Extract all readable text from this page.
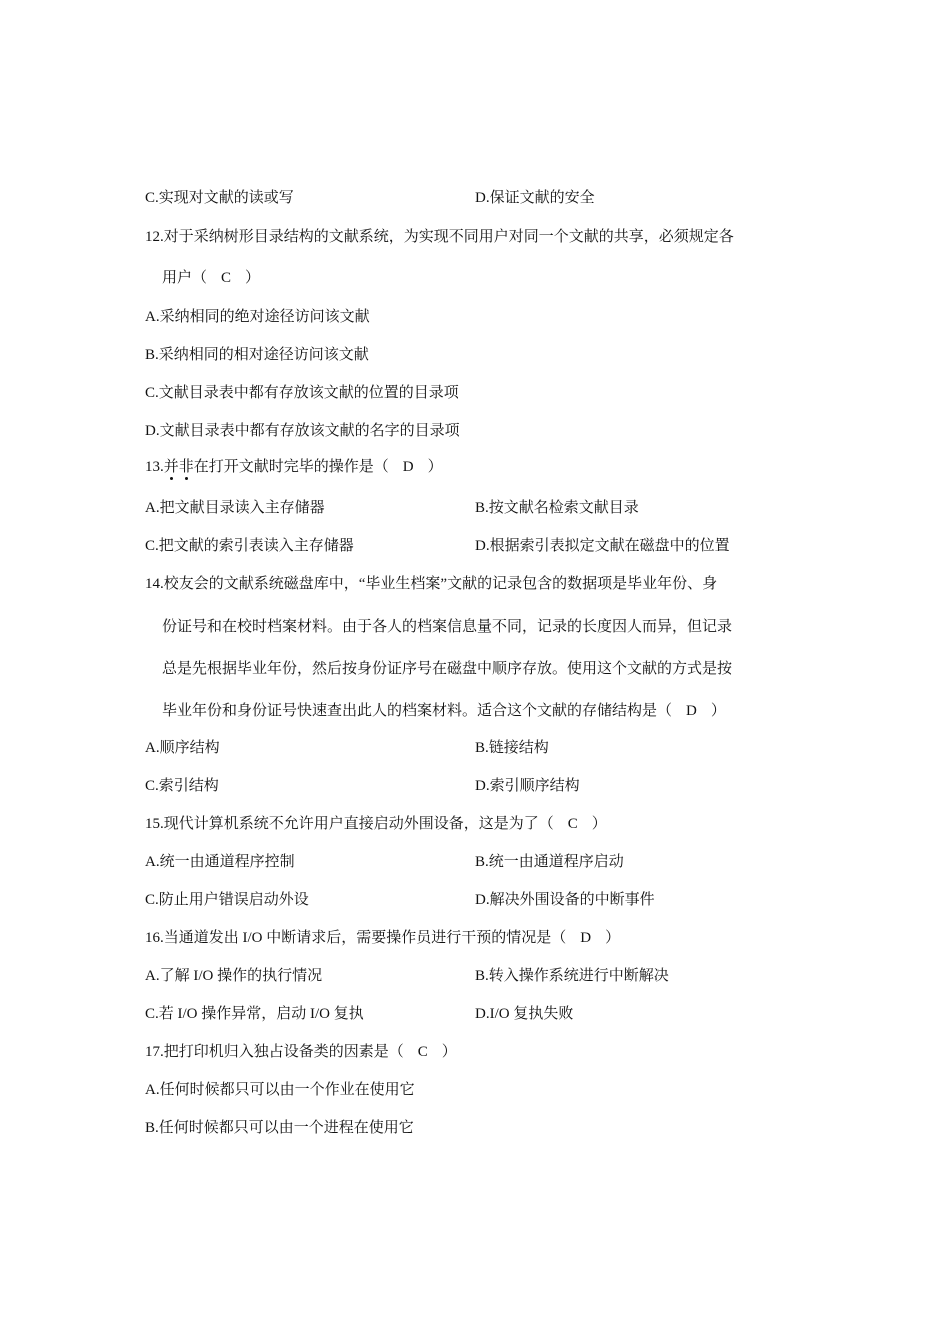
C.实现对文献的读或写	D.保证文献的安全
12.对于采纳树形目录结构的文献系统，为实现不同用户对同一个文献的共享，必须规定各
用户（ C ）
A.采纳相同的绝对途径访问该文献
B.采纳相同的相对途径访问该文献
C.文献目录表中都有存放该文献的位置的目录项
D.文献目录表中都有存放该文献的名字的目录项
13.并非在打开文献时完毕的操作是（ D ）
A.把文献目录读入主存储器	B.按文献名检索文献目录
C.把文献的索引表读入主存储器	D.根据索引表拟定文献在磁盘中的位置
14.校友会的文献系统磁盘库中，“毕业生档案”文献的记录包含的数据项是毕业年份、身
份证号和在校时档案材料。由于各人的档案信息量不同，记录的长度因人而异，但记录
总是先根据毕业年份，然后按身份证序号在磁盘中顺序存放。使用这个文献的方式是按
毕业年份和身份证号快速查出此人的档案材料。适合这个文献的存储结构是（ D ）
A.顺序结构	B.链接结构
C.索引结构	D.索引顺序结构
15.现代计算机系统不允许用户直接启动外围设备，这是为了（ C ）
A.统一由通道程序控制	B.统一由通道程序启动
C.防止用户错误启动外设	D.解决外围设备的中断事件
16.当通道发出 I/O 中断请求后，需要操作员进行干预的情况是（ D ）
A.了解 I/O 操作的执行情况	B.转入操作系统进行中断解决
C.若 I/O 操作异常，启动 I/O 复执	D.I/O 复执失败
17.把打印机归入独占设备类的因素是（ C ）
A.任何时候都只可以由一个作业在使用它
B.任何时候都只可以由一个进程在使用它
